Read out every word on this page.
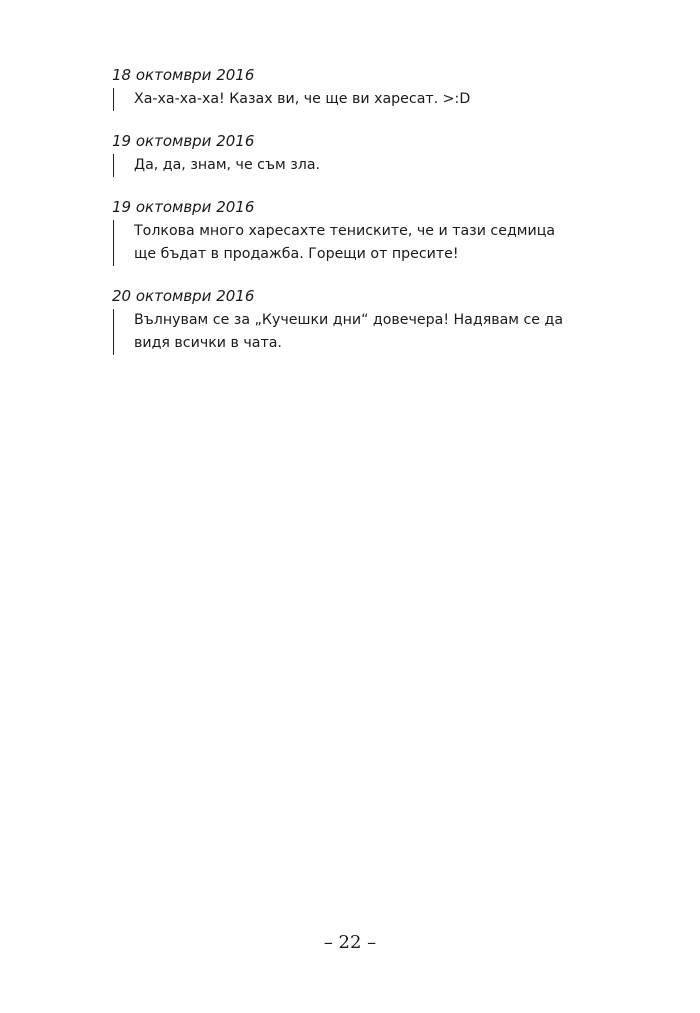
18 октомври 2016
Ха-ха-ха-ха! Казах ви, че ще ви харесат. >:D
19 октомври 2016
Да, да, знам, че съм зла.
19 октомври 2016
Толкова много харесахте тениските, че и тази седмица ще бъдат в продажба. Горещи от пресите!
20 октомври 2016
Вълнувам се за „Кучешки дни“ довечера! Надявам се да видя всички в чата.
– 22 –
